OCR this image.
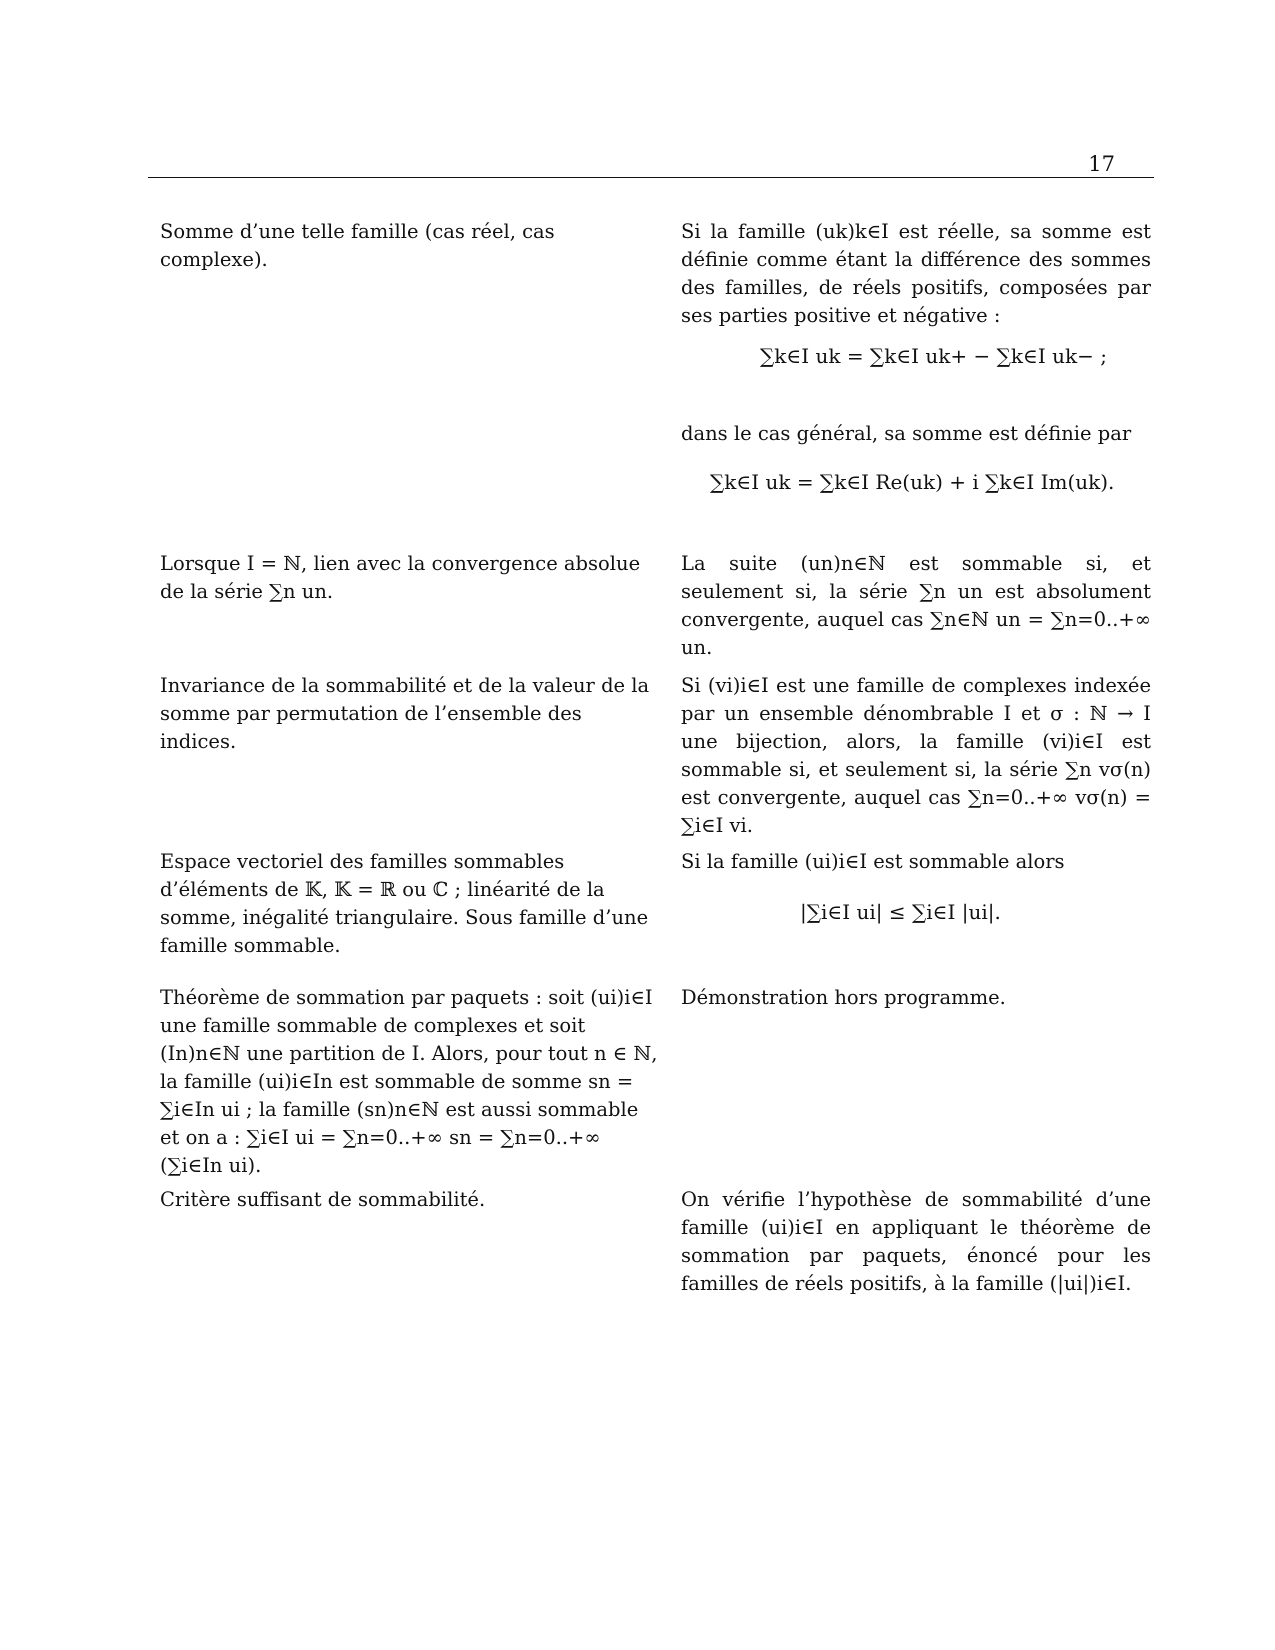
17
Somme d’une telle famille (cas réel, cas complexe).
Si la famille (uk)k∈I est réelle, sa somme est définie comme étant la différence des sommes des familles, de réels positifs, composées par ses parties positive et négative :
∑k∈I uk = ∑k∈I uk+ − ∑k∈I uk− ;
dans le cas général, sa somme est définie par
∑k∈I uk = ∑k∈I Re(uk) + i ∑k∈I Im(uk).
Lorsque I = ℕ, lien avec la convergence absolue de la série ∑n un.
La suite (un)n∈ℕ est sommable si, et seulement si, la série ∑n un est absolument convergente, auquel cas ∑n∈ℕ un = ∑n=0..+∞ un.
Invariance de la sommabilité et de la valeur de la somme par permutation de l’ensemble des indices.
Si (vi)i∈I est une famille de complexes indexée par un ensemble dénombrable I et σ : ℕ → I une bijection, alors, la famille (vi)i∈I est sommable si, et seulement si, la série ∑n vσ(n) est convergente, auquel cas ∑n=0..+∞ vσ(n) = ∑i∈I vi.
Espace vectoriel des familles sommables d’éléments de 𝕂, 𝕂 = ℝ ou ℂ ; linéarité de la somme, inégalité triangulaire. Sous famille d’une famille sommable.
Si la famille (ui)i∈I est sommable alors
|∑i∈I ui| ≤ ∑i∈I |ui|.
Théorème de sommation par paquets : soit (ui)i∈I une famille sommable de complexes et soit (In)n∈ℕ une partition de I. Alors, pour tout n ∈ ℕ, la famille (ui)i∈In est sommable de somme sn = ∑i∈In ui ; la famille (sn)n∈ℕ est aussi sommable et on a : ∑i∈I ui = ∑n=0..+∞ sn = ∑n=0..+∞ (∑i∈In ui).
Démonstration hors programme.
Critère suffisant de sommabilité.	On vérifie l’hypothèse de sommabilité d’une famille (ui)i∈I en appliquant le théorème de sommation par paquets, énoncé pour les familles de réels positifs, à la famille (|ui|)i∈I.
